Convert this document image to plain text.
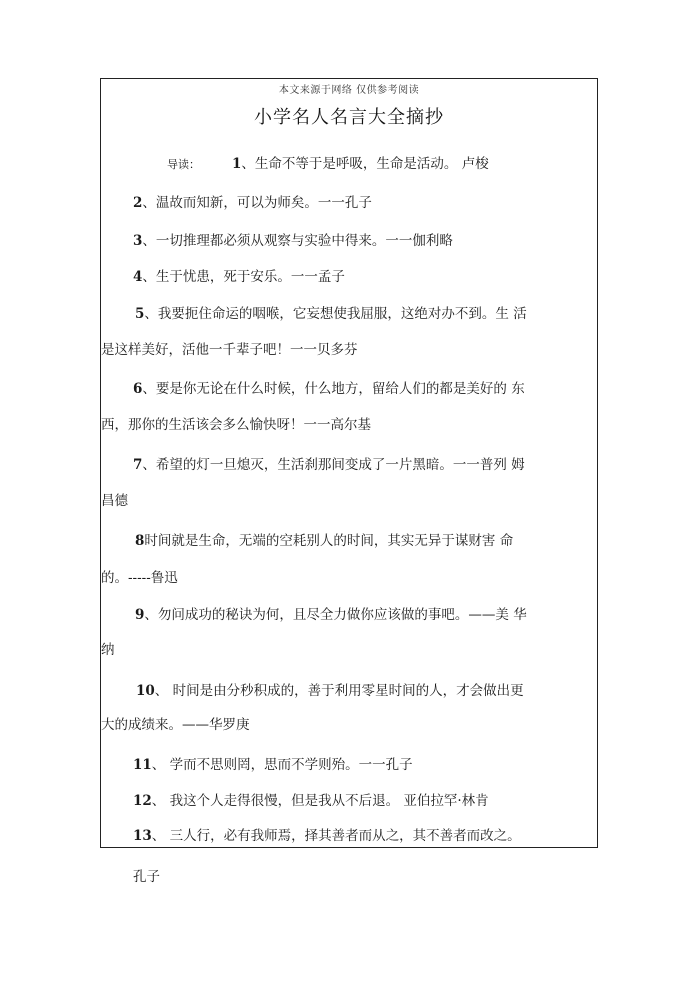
本文来源于网络 仅供参考阅读
小学名人名言大全摘抄
导读： 1、生命不等于是呼吸，生命是活动。 卢梭
2、温故而知新，可以为师矣。一一孔子
3、一切推理都必须从观察与实验中得来。一一伽利略
4、生于忧患，死于安乐。一一孟子
5、我要扼住命运的咽喉，它妄想使我屈服，这绝对办不到。生 活
是这样美好，活他一千辈子吧！一一贝多芬
6、要是你无论在什么时候，什么地方，留给人们的都是美好的 东
西，那你的生活该会多么愉快呀！一一高尔基
7、希望的灯一旦熄灭，生活刹那间变成了一片黑暗。一一普列 姆
昌德
8时间就是生命，无端的空耗别人的时间，其实无异于谋财害 命
的。-----鲁迅
9、勿问成功的秘诀为何，且尽全力做你应该做的事吧。——美 华
纳
10、 时间是由分秒积成的，善于利用零星时间的人，才会做出更
大的成绩来。——华罗庚
11、 学而不思则罔，思而不学则殆。一一孔子
12、 我这个人走得很慢，但是我从不后退。 亚伯拉罕·林肯
13、 三人行，必有我师焉，择其善者而从之，其不善者而改之。
孔子
